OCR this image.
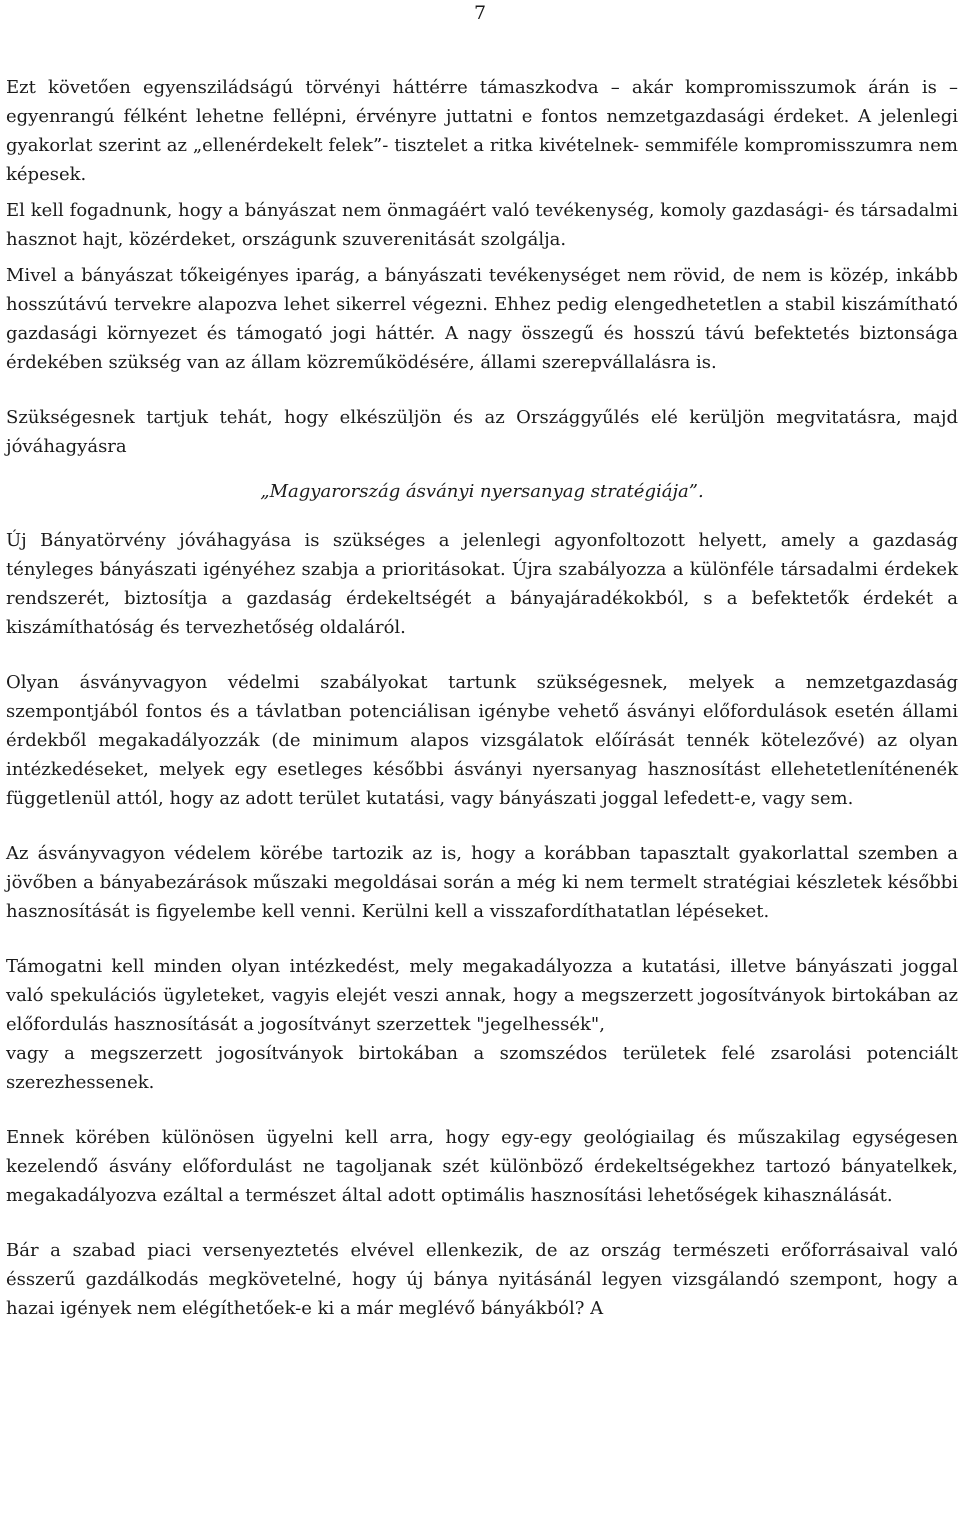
7

Ezt követően egyensziládságú törvényi háttérre támaszkodva – akár kompromisszumok árán is – egyenrangú félként lehetne fellépni, érvényre juttatni e fontos nemzetgazdasági érdeket. A jelenlegi gyakorlat szerint az „ellenérdekelt felek”- tisztelet a ritka kivételnek- semmiféle kompromisszumra nem képesek.

El kell fogadnunk, hogy a bányászat nem önmagáért való tevékenység, komoly gazdasági- és társadalmi hasznot hajt, közérdeket, országunk szuverenitását szolgálja.

Mivel a bányászat tőkeigényes iparág, a bányászati tevékenységet nem rövid, de nem is közép, inkább hosszútávú tervekre alapozva lehet sikerrel végezni. Ehhez pedig elengedhetetlen a stabil kiszámítható gazdasági környezet és támogató jogi háttér. A nagy összegű és hosszú távú befektetés biztonsága érdekében szükség van az állam közreműködésére, állami szerepvállalásra is.

Szükségesnek tartjuk tehát, hogy elkészüljön és az Országgyűlés elé kerüljön megvitatásra, majd jóváhagyásra

„Magyarország ásványi nyersanyag stratégiája”.

Új Bányatörvény jóváhagyása is szükséges a jelenlegi agyonfoltozott helyett, amely a gazdaság tényleges bányászati igényéhez szabja a prioritásokat. Újra szabályozza a különféle társadalmi érdekek rendszerét, biztosítja a gazdaság érdekeltségét a bányajáradékokból, s a befektetők érdekét a kiszámíthatóság és tervezhetőség oldaláról.

Olyan ásványvagyon védelmi szabályokat tartunk szükségesnek, melyek a nemzetgazdaság szempontjából fontos és a távlatban potenciálisan igénybe vehető ásványi előfordulások esetén állami érdekből megakadályozzák (de minimum alapos vizsgálatok előírását tennék kötelezővé) az olyan intézkedéseket, melyek egy esetleges későbbi ásványi nyersanyag hasznosítást ellehetetleníténenék függetlenül attól, hogy az adott terület kutatási, vagy bányászati joggal lefedett-e, vagy sem.

Az ásványvagyon védelem körébe tartozik az is, hogy a korábban tapasztalt gyakorlattal szemben a jövőben a bányabezárások műszaki megoldásai során a még ki nem termelt stratégiai készletek későbbi hasznosítását is figyelembe kell venni. Kerülni kell a visszafordíthatatlan lépéseket.

Támogatni kell minden olyan intézkedést, mely megakadályozza a kutatási, illetve bányászati joggal való spekulációs ügyleteket, vagyis elejét veszi annak, hogy a megszerzett jogosítványok birtokában az előfordulás hasznosítását a jogosítványt szerzettek "jegelhessék",

vagy a megszerzett jogosítványok birtokában a szomszédos területek felé zsarolási potenciált szerezhessenek.

Ennek körében különösen ügyelni kell arra, hogy egy-egy geológiailag és műszakilag egységesen kezelendő ásvány előfordulást ne tagoljanak szét különböző érdekeltségekhez tartozó bányatelkek, megakadályozva ezáltal a természet által adott optimális hasznosítási lehetőségek kihasználását.

Bár a szabad piaci versenyeztetés elvével ellenkezik, de az ország természeti erőforrásaival való ésszerű gazdálkodás megkövetelné, hogy új bánya nyitásánál legyen vizsgálandó szempont, hogy a hazai igények nem elégíthetőek-e ki a már meglévő bányákból? A
